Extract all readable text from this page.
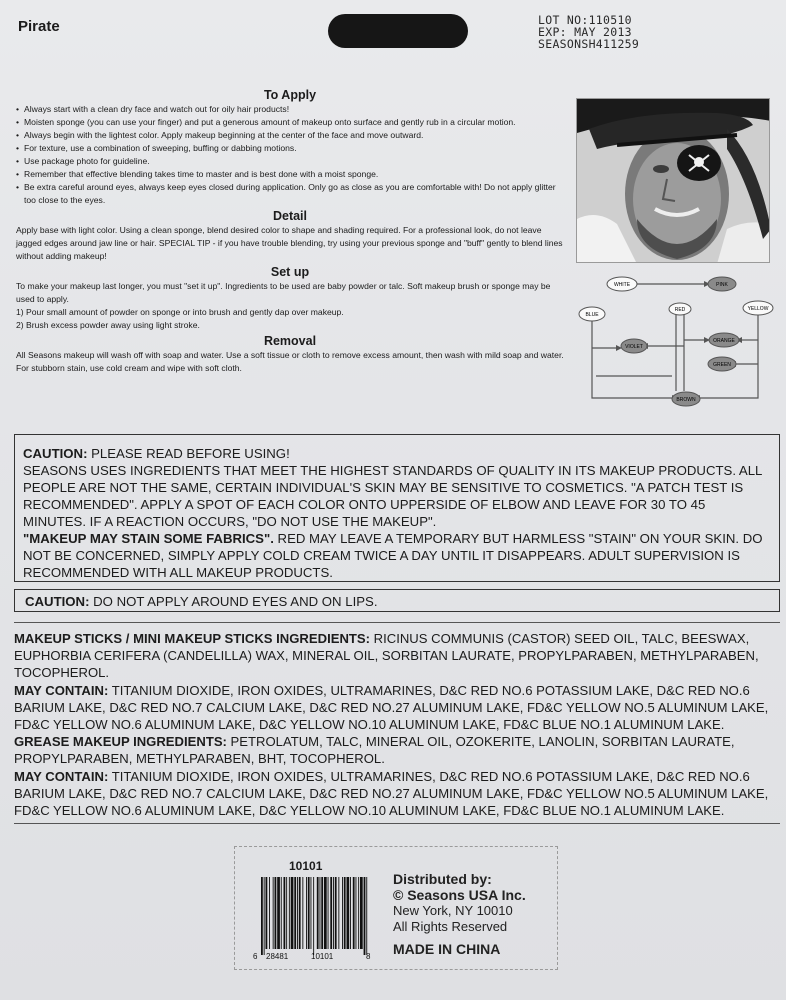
Pirate	LOT NO:110510
EXP: MAY 2013
SEASONSH411259
To Apply
• Always start with a clean dry face and watch out for oily hair products!
• Moisten sponge (you can use your finger) and put a generous amount of makeup onto surface and gently rub in a circular motion.
• Always begin with the lightest color. Apply makeup beginning at the center of the face and move outward.
• For texture, use a combination of sweeping, buffing or dabbing motions.
• Use package photo for guideline.
• Remember that effective blending takes time to master and is best done with a moist sponge.
• Be extra careful around eyes, always keep eyes closed during application. Only go as close as you are comfortable with! Do not apply glitter too close to the eyes.
Detail

Apply base with light color. Using a clean sponge, blend desired color to shape and shading required. For a professional look, do not leave jagged edges around jaw line or hair. SPECIAL TIP - if you have trouble blending, try using your previous sponge and "buff" gently to blend lines without adding makeup!

Set up

To make your makeup last longer, you must "set it up". Ingredients to be used are baby powder or talc. Soft makeup brush or sponge may be used to apply.

1) Pour small amount of powder on sponge or into brush and gently dap over makeup.

2) Brush excess powder away using light stroke.

Removal

All Seasons makeup will wash off with soap and water. Use a soft tissue or cloth to remove excess amount, then wash with mild soap and water. For stubborn stain, use cold cream and wipe with soft cloth.

WHITE	PINK
BLUE
RED	YELLOW
VIOLET
ORANGE
GREEN
BROWN
CAUTION: PLEASE READ BEFORE USING!
SEASONS USES INGREDIENTS THAT MEET THE HIGHEST STANDARDS OF QUALITY IN ITS MAKEUP PRODUCTS. ALL PEOPLE ARE NOT THE SAME, CERTAIN INDIVIDUAL'S SKIN MAY BE SENSITIVE TO COSMETICS. "A PATCH TEST IS RECOMMENDED". APPLY A SPOT OF EACH COLOR ONTO UPPERSIDE OF ELBOW AND LEAVE FOR 30 TO 45 MINUTES. IF A REACTION OCCURS, "DO NOT USE THE MAKEUP".
"MAKEUP MAY STAIN SOME FABRICS". RED MAY LEAVE A TEMPORARY BUT HARMLESS "STAIN" ON YOUR SKIN. DO NOT BE CONCERNED, SIMPLY APPLY COLD CREAM TWICE A DAY UNTIL IT DISAPPEARS. ADULT SUPERVISION IS RECOMMENDED WITH ALL MAKEUP PRODUCTS.
CAUTION: DO NOT APPLY AROUND EYES AND ON LIPS.
MAKEUP STICKS / MINI MAKEUP STICKS INGREDIENTS: RICINUS COMMUNIS (CASTOR) SEED OIL, TALC, BEESWAX, EUPHORBIA CERIFERA (CANDELILLA) WAX, MINERAL OIL, SORBITAN LAURATE, PROPYLPARABEN, METHYLPARABEN, TOCOPHEROL.
MAY CONTAIN: TITANIUM DIOXIDE, IRON OXIDES, ULTRAMARINES, D&C RED NO.6 POTASSIUM LAKE, D&C RED NO.6 BARIUM LAKE, D&C RED NO.7 CALCIUM LAKE, D&C RED NO.27 ALUMINUM LAKE, FD&C YELLOW NO.5 ALUMINUM LAKE, FD&C YELLOW NO.6 ALUMINUM LAKE, D&C YELLOW NO.10 ALUMINUM LAKE, FD&C BLUE NO.1 ALUMINUM LAKE.
GREASE MAKEUP INGREDIENTS: PETROLATUM, TALC, MINERAL OIL, OZOKERITE, LANOLIN, SORBITAN LAURATE, PROPYLPARABEN, METHYLPARABEN, BHT, TOCOPHEROL.
MAY CONTAIN: TITANIUM DIOXIDE, IRON OXIDES, ULTRAMARINES, D&C RED NO.6 POTASSIUM LAKE, D&C RED NO.6 BARIUM LAKE, D&C RED NO.7 CALCIUM LAKE, D&C RED NO.27 ALUMINUM LAKE, FD&C YELLOW NO.5 ALUMINUM LAKE, FD&C YELLOW NO.6 ALUMINUM LAKE, D&C YELLOW NO.10 ALUMINUM LAKE, FD&C BLUE NO.1 ALUMINUM LAKE.
10101
6 28481	10101	8
Distributed by:
© Seasons USA Inc.
New York, NY 10010
All Rights Reserved
MADE IN CHINA
